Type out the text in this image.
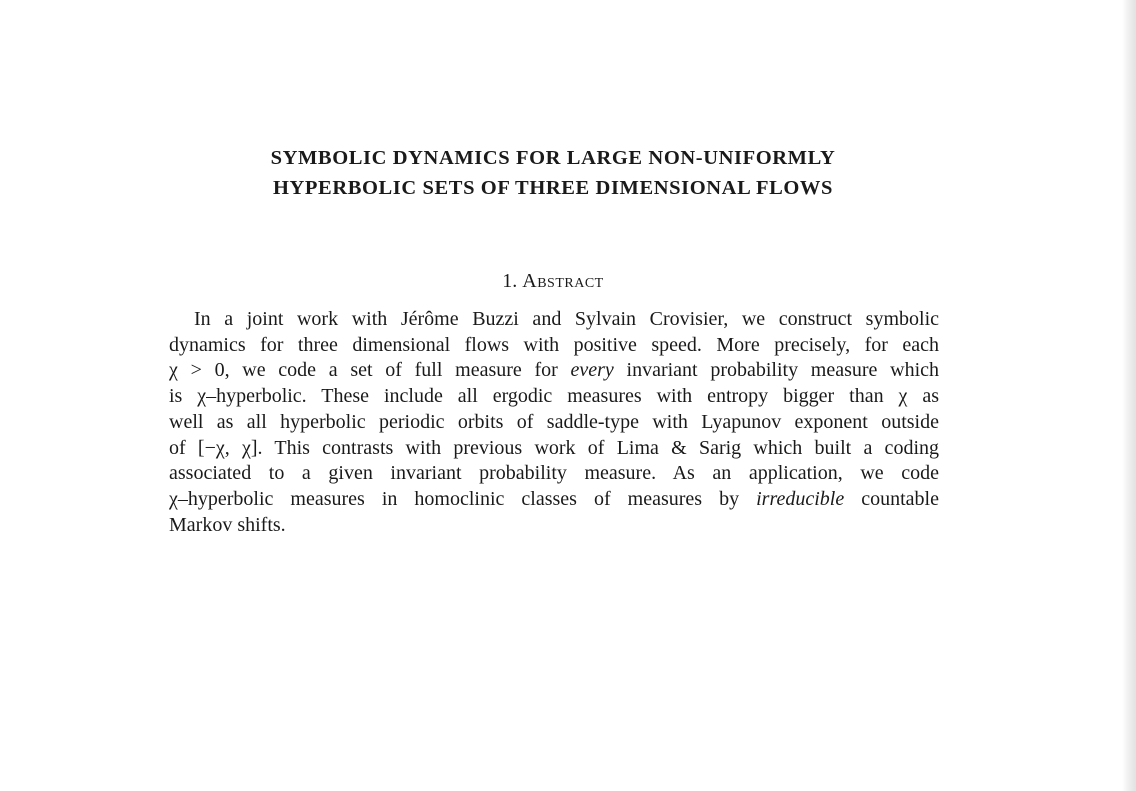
SYMBOLIC DYNAMICS FOR LARGE NON-UNIFORMLY
HYPERBOLIC SETS OF THREE DIMENSIONAL FLOWS
1. Abstract
In a joint work with Jérôme Buzzi and Sylvain Crovisier, we construct symbolic
dynamics for three dimensional flows with positive speed. More precisely, for each
χ > 0, we code a set of full measure for every invariant probability measure which
is χ–hyperbolic. These include all ergodic measures with entropy bigger than χ as
well as all hyperbolic periodic orbits of saddle-type with Lyapunov exponent outside
of [−χ, χ]. This contrasts with previous work of Lima & Sarig which built a coding
associated to a given invariant probability measure. As an application, we code
χ–hyperbolic measures in homoclinic classes of measures by irreducible countable
Markov shifts.
